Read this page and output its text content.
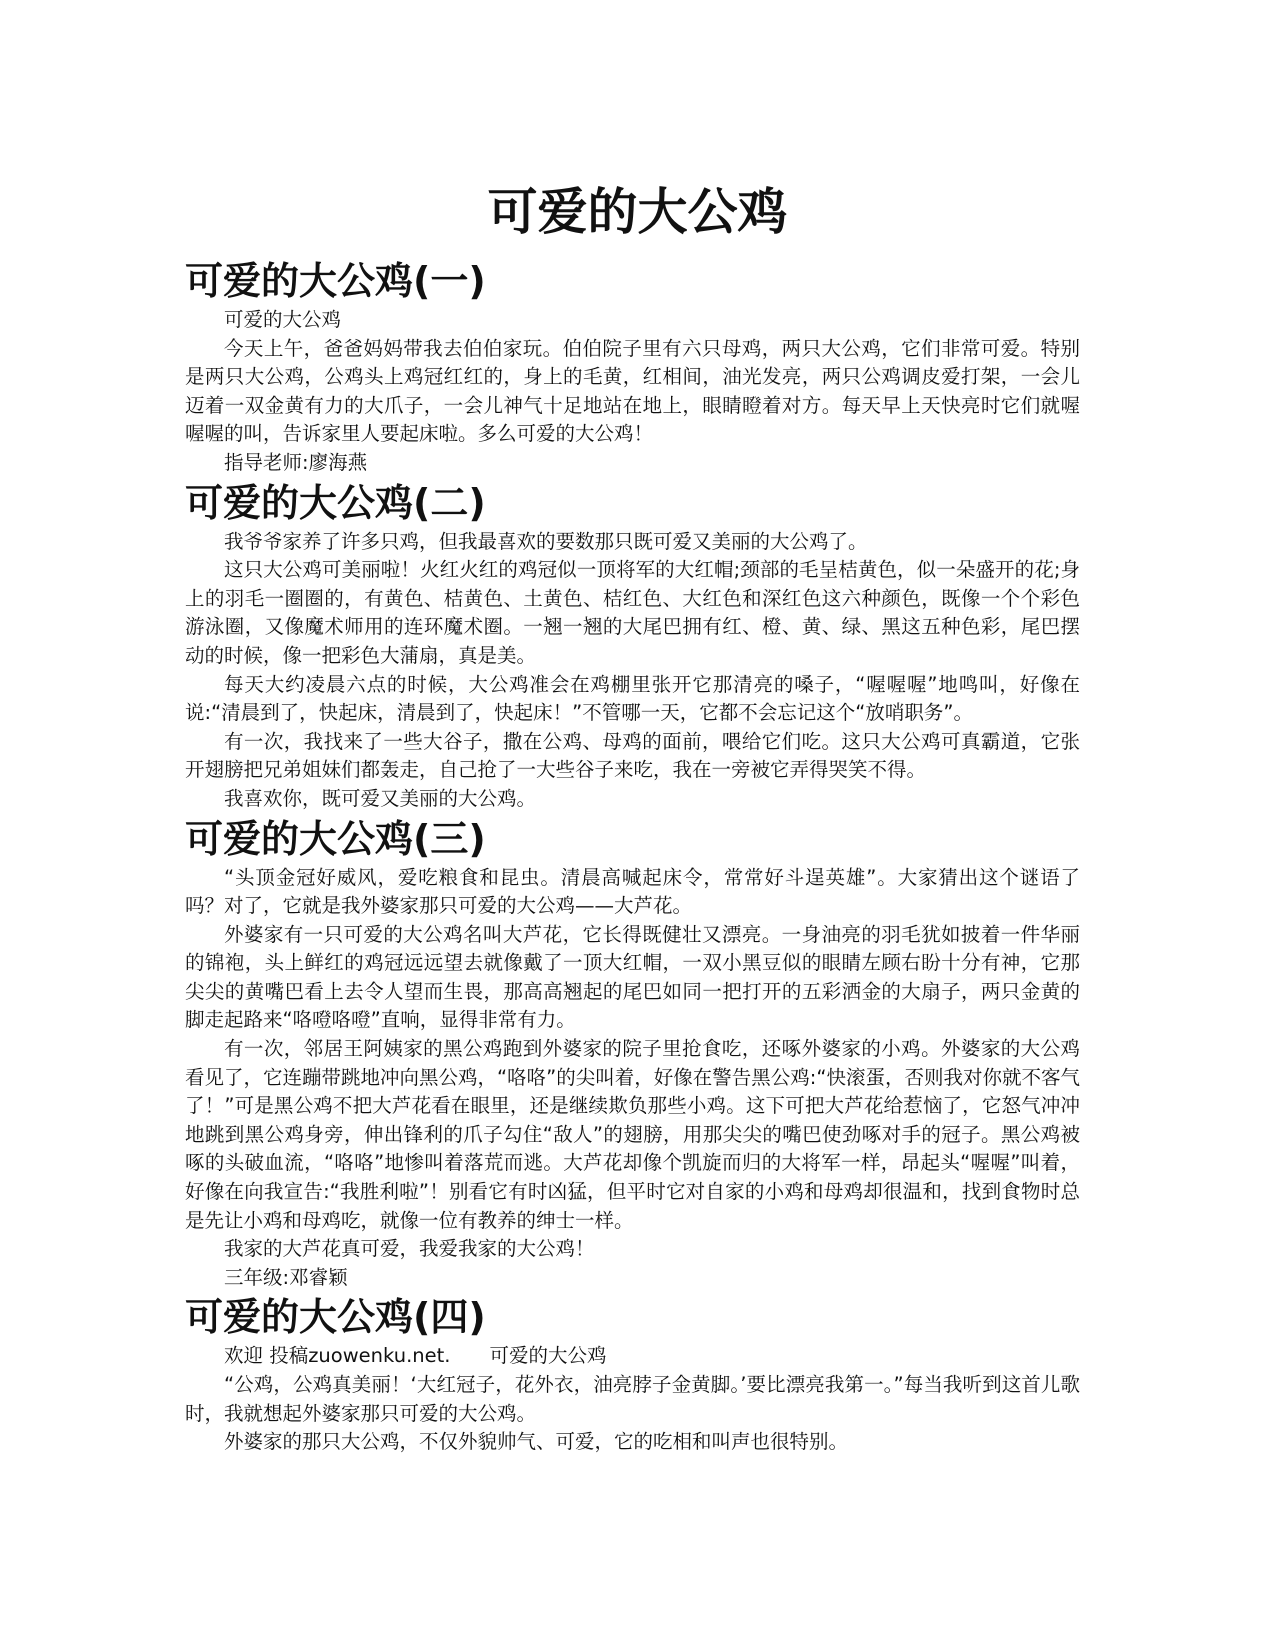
可爱的大公鸡
可爱的大公鸡(一)

可爱的大公鸡

今天上午，爸爸妈妈带我去伯伯家玩。伯伯院子里有六只母鸡，两只大公鸡，它们非常可爱。特别是两只大公鸡，公鸡头上鸡冠红红的，身上的毛黄，红相间，油光发亮，两只公鸡调皮爱打架，一会儿迈着一双金黄有力的大爪子，一会儿神气十足地站在地上，眼睛瞪着对方。每天早上天快亮时它们就喔喔喔的叫，告诉家里人要起床啦。多么可爱的大公鸡！

指导老师:廖海燕

可爱的大公鸡(二)

我爷爷家养了许多只鸡，但我最喜欢的要数那只既可爱又美丽的大公鸡了。

这只大公鸡可美丽啦！火红火红的鸡冠似一顶将军的大红帽;颈部的毛呈桔黄色，似一朵盛开的花;身上的羽毛一圈圈的，有黄色、桔黄色、土黄色、桔红色、大红色和深红色这六种颜色，既像一个个彩色游泳圈，又像魔术师用的连环魔术圈。一翘一翘的大尾巴拥有红、橙、黄、绿、黑这五种色彩，尾巴摆动的时候，像一把彩色大蒲扇，真是美。

每天大约凌晨六点的时候，大公鸡准会在鸡棚里张开它那清亮的嗓子，“喔喔喔”地鸣叫，好像在说:“清晨到了，快起床，清晨到了，快起床！”不管哪一天，它都不会忘记这个“放哨职务”。

有一次，我找来了一些大谷子，撒在公鸡、母鸡的面前，喂给它们吃。这只大公鸡可真霸道，它张开翅膀把兄弟姐妹们都轰走，自己抢了一大些谷子来吃，我在一旁被它弄得哭笑不得。

我喜欢你，既可爱又美丽的大公鸡。

可爱的大公鸡(三)

“头顶金冠好威风，爱吃粮食和昆虫。清晨高喊起床令，常常好斗逞英雄”。大家猜出这个谜语了吗？对了，它就是我外婆家那只可爱的大公鸡——大芦花。

外婆家有一只可爱的大公鸡名叫大芦花，它长得既健壮又漂亮。一身油亮的羽毛犹如披着一件华丽的锦袍，头上鲜红的鸡冠远远望去就像戴了一顶大红帽，一双小黑豆似的眼睛左顾右盼十分有神，它那尖尖的黄嘴巴看上去令人望而生畏，那高高翘起的尾巴如同一把打开的五彩洒金的大扇子，两只金黄的脚走起路来“咯噔咯噔”直响，显得非常有力。

有一次，邻居王阿姨家的黑公鸡跑到外婆家的院子里抢食吃，还啄外婆家的小鸡。外婆家的大公鸡看见了，它连蹦带跳地冲向黑公鸡，“咯咯”的尖叫着，好像在警告黑公鸡:“快滚蛋，否则我对你就不客气了！”可是黑公鸡不把大芦花看在眼里，还是继续欺负那些小鸡。这下可把大芦花给惹恼了，它怒气冲冲地跳到黑公鸡身旁，伸出锋利的爪子勾住“敌人”的翅膀，用那尖尖的嘴巴使劲啄对手的冠子。黑公鸡被啄的头破血流，“咯咯”地惨叫着落荒而逃。大芦花却像个凯旋而归的大将军一样，昂起头“喔喔”叫着，好像在向我宣告:“我胜利啦”！别看它有时凶猛，但平时它对自家的小鸡和母鸡却很温和，找到食物时总是先让小鸡和母鸡吃，就像一位有教养的绅士一样。

我家的大芦花真可爱，我爱我家的大公鸡！

三年级:邓睿颖

可爱的大公鸡(四)

欢迎 投稿zuowenku.net.　　可爱的大公鸡

“公鸡，公鸡真美丽！‘大红冠子，花外衣，油亮脖子金黄脚。’要比漂亮我第一。”每当我听到这首儿歌时，我就想起外婆家那只可爱的大公鸡。

外婆家的那只大公鸡，不仅外貌帅气、可爱，它的吃相和叫声也很特别。
